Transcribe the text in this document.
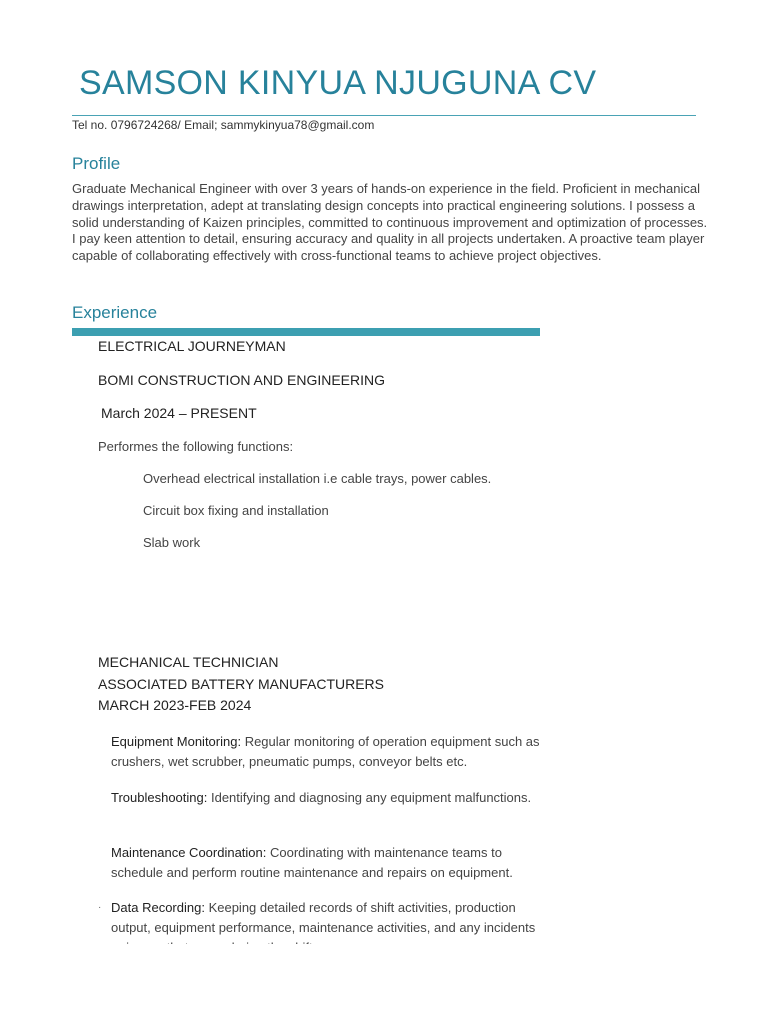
SAMSON KINYUA NJUGUNA CV
Tel no. 0796724268/ Email; sammykinyua78@gmail.com
Profile
Graduate Mechanical Engineer with over 3 years of hands-on experience in the field. Proficient in mechanical drawings interpretation, adept at translating design concepts into practical engineering solutions. I possess a solid understanding of Kaizen principles, committed to continuous improvement and optimization of processes. I pay keen attention to detail, ensuring accuracy and quality in all projects undertaken. A proactive team player capable of collaborating effectively with cross-functional teams to achieve project objectives.
Experience
ELECTRICAL JOURNEYMAN
BOMI CONSTRUCTION AND ENGINEERING
March 2024 – PRESENT
Performes the following functions:
Overhead electrical installation i.e cable trays, power cables.
Circuit box fixing and installation
Slab work
MECHANICAL TECHNICIAN
ASSOCIATED BATTERY MANUFACTURERS
MARCH 2023-FEB 2024
Equipment Monitoring: Regular monitoring of operation equipment such as crushers, wet scrubber, pneumatic pumps, conveyor belts etc.
Troubleshooting: Identifying and diagnosing any equipment malfunctions.
Maintenance Coordination: Coordinating with maintenance teams to schedule and perform routine maintenance and repairs on equipment.
· Data Recording: Keeping detailed records of shift activities, production output, equipment performance, maintenance activities, and any incidents
